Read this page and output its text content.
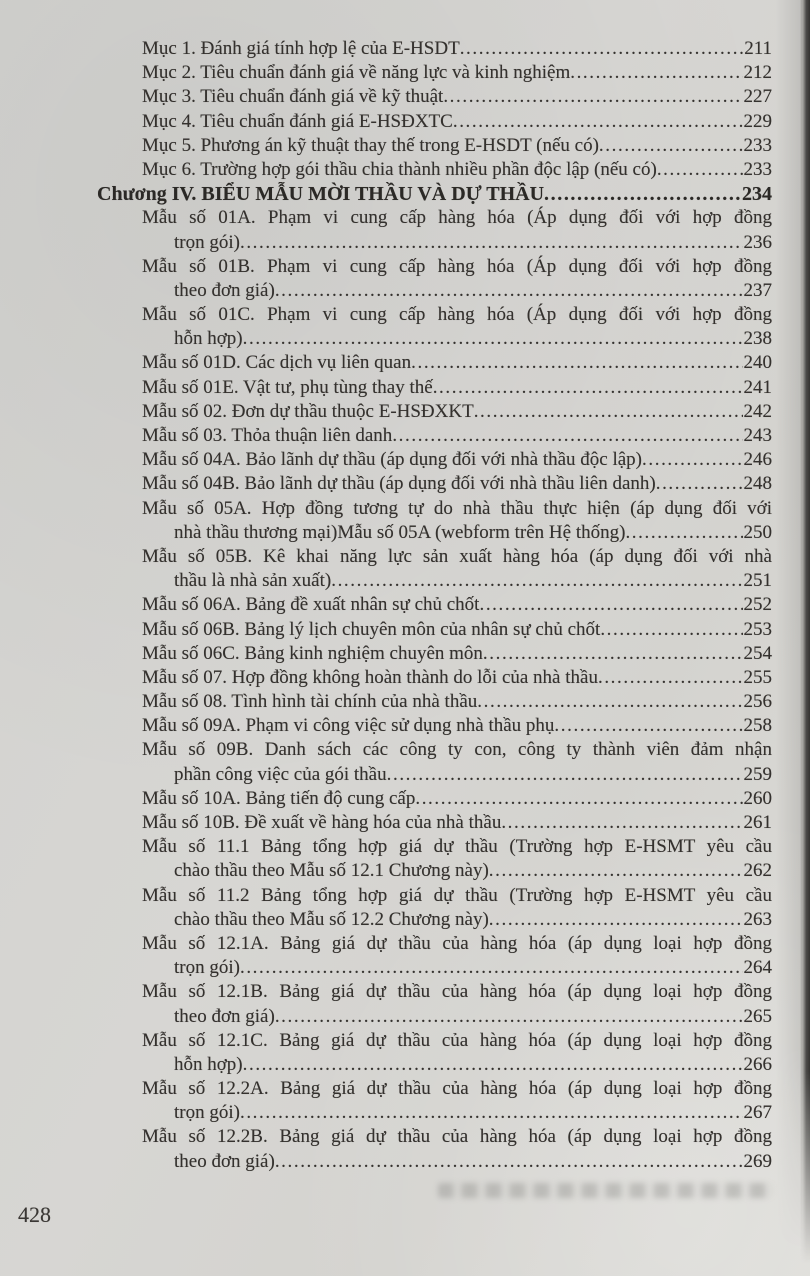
Mục 1. Đánh giá tính hợp lệ của E-HSDT .....	211
Mục 2. Tiêu chuẩn đánh giá về năng lực và kinh nghiệm .....	212
Mục 3. Tiêu chuẩn đánh giá về kỹ thuật .....	227
Mục 4. Tiêu chuẩn đánh giá E-HSĐXTC .....	229
Mục 5. Phương án kỹ thuật thay thế trong E-HSDT (nếu có) .....	233
Mục 6. Trường hợp gói thầu chia thành nhiều phần độc lập (nếu có) .....	233
Chương IV. BIỂU MẪU MỜI THẦU VÀ DỰ THẦU .....	234
Mẫu số 01A. Phạm vi cung cấp hàng hóa (Áp dụng đối với hợp đồng
trọn gói) .....	236
Mẫu số 01B. Phạm vi cung cấp hàng hóa (Áp dụng đối với hợp đồng
theo đơn giá) .....	237
Mẫu số 01C. Phạm vi cung cấp hàng hóa (Áp dụng đối với hợp đồng
hỗn hợp) .....	238
Mẫu số 01D. Các dịch vụ liên quan .....	240
Mẫu số 01E. Vật tư, phụ tùng thay thế .....	241
Mẫu số 02. Đơn dự thầu thuộc E-HSĐXKT .....	242
Mẫu số 03. Thỏa thuận liên danh .....	243
Mẫu số 04A. Bảo lãnh dự thầu (áp dụng đối với nhà thầu độc lập) .....	246
Mẫu số 04B. Bảo lãnh dự thầu (áp dụng đối với nhà thầu liên danh) .....	248
Mẫu số 05A. Hợp đồng tương tự do nhà thầu thực hiện (áp dụng đối với
nhà thầu thương mại)Mẫu số 05A (webform trên Hệ thống) .....	250
Mẫu số 05B. Kê khai năng lực sản xuất hàng hóa (áp dụng đối với nhà
thầu là nhà sản xuất) .....	251
Mẫu số 06A. Bảng đề xuất nhân sự chủ chốt .....	252
Mẫu số 06B. Bảng lý lịch chuyên môn của nhân sự chủ chốt .....	253
Mẫu số 06C. Bảng kinh nghiệm chuyên môn .....	254
Mẫu số 07. Hợp đồng không hoàn thành do lỗi của nhà thầu .....	255
Mẫu số 08. Tình hình tài chính của nhà thầu .....	256
Mẫu số 09A. Phạm vi công việc sử dụng nhà thầu phụ .....	258
Mẫu số 09B. Danh sách các công ty con, công ty thành viên đảm nhận
phần công việc của gói thầu .....	259
Mẫu số 10A. Bảng tiến độ cung cấp .....	260
Mẫu số 10B. Đề xuất về hàng hóa của nhà thầu .....	261
Mẫu số 11.1 Bảng tổng hợp giá dự thầu (Trường hợp E-HSMT yêu cầu
chào thầu theo Mẫu số 12.1 Chương này) .....	262
Mẫu số 11.2 Bảng tổng hợp giá dự thầu (Trường hợp E-HSMT yêu cầu
chào thầu theo Mẫu số 12.2 Chương này) .....	263
Mẫu số 12.1A. Bảng giá dự thầu của hàng hóa (áp dụng loại hợp đồng
trọn gói) .....	264
Mẫu số 12.1B. Bảng giá dự thầu của hàng hóa (áp dụng loại hợp đồng
theo đơn giá) .....	265
Mẫu số 12.1C. Bảng giá dự thầu của hàng hóa (áp dụng loại hợp đồng
hỗn hợp) .....	266
Mẫu số 12.2A. Bảng giá dự thầu của hàng hóa (áp dụng loại hợp đồng
trọn gói) .....	267
Mẫu số 12.2B. Bảng giá dự thầu của hàng hóa (áp dụng loại hợp đồng
theo đơn giá) .....	269
428
